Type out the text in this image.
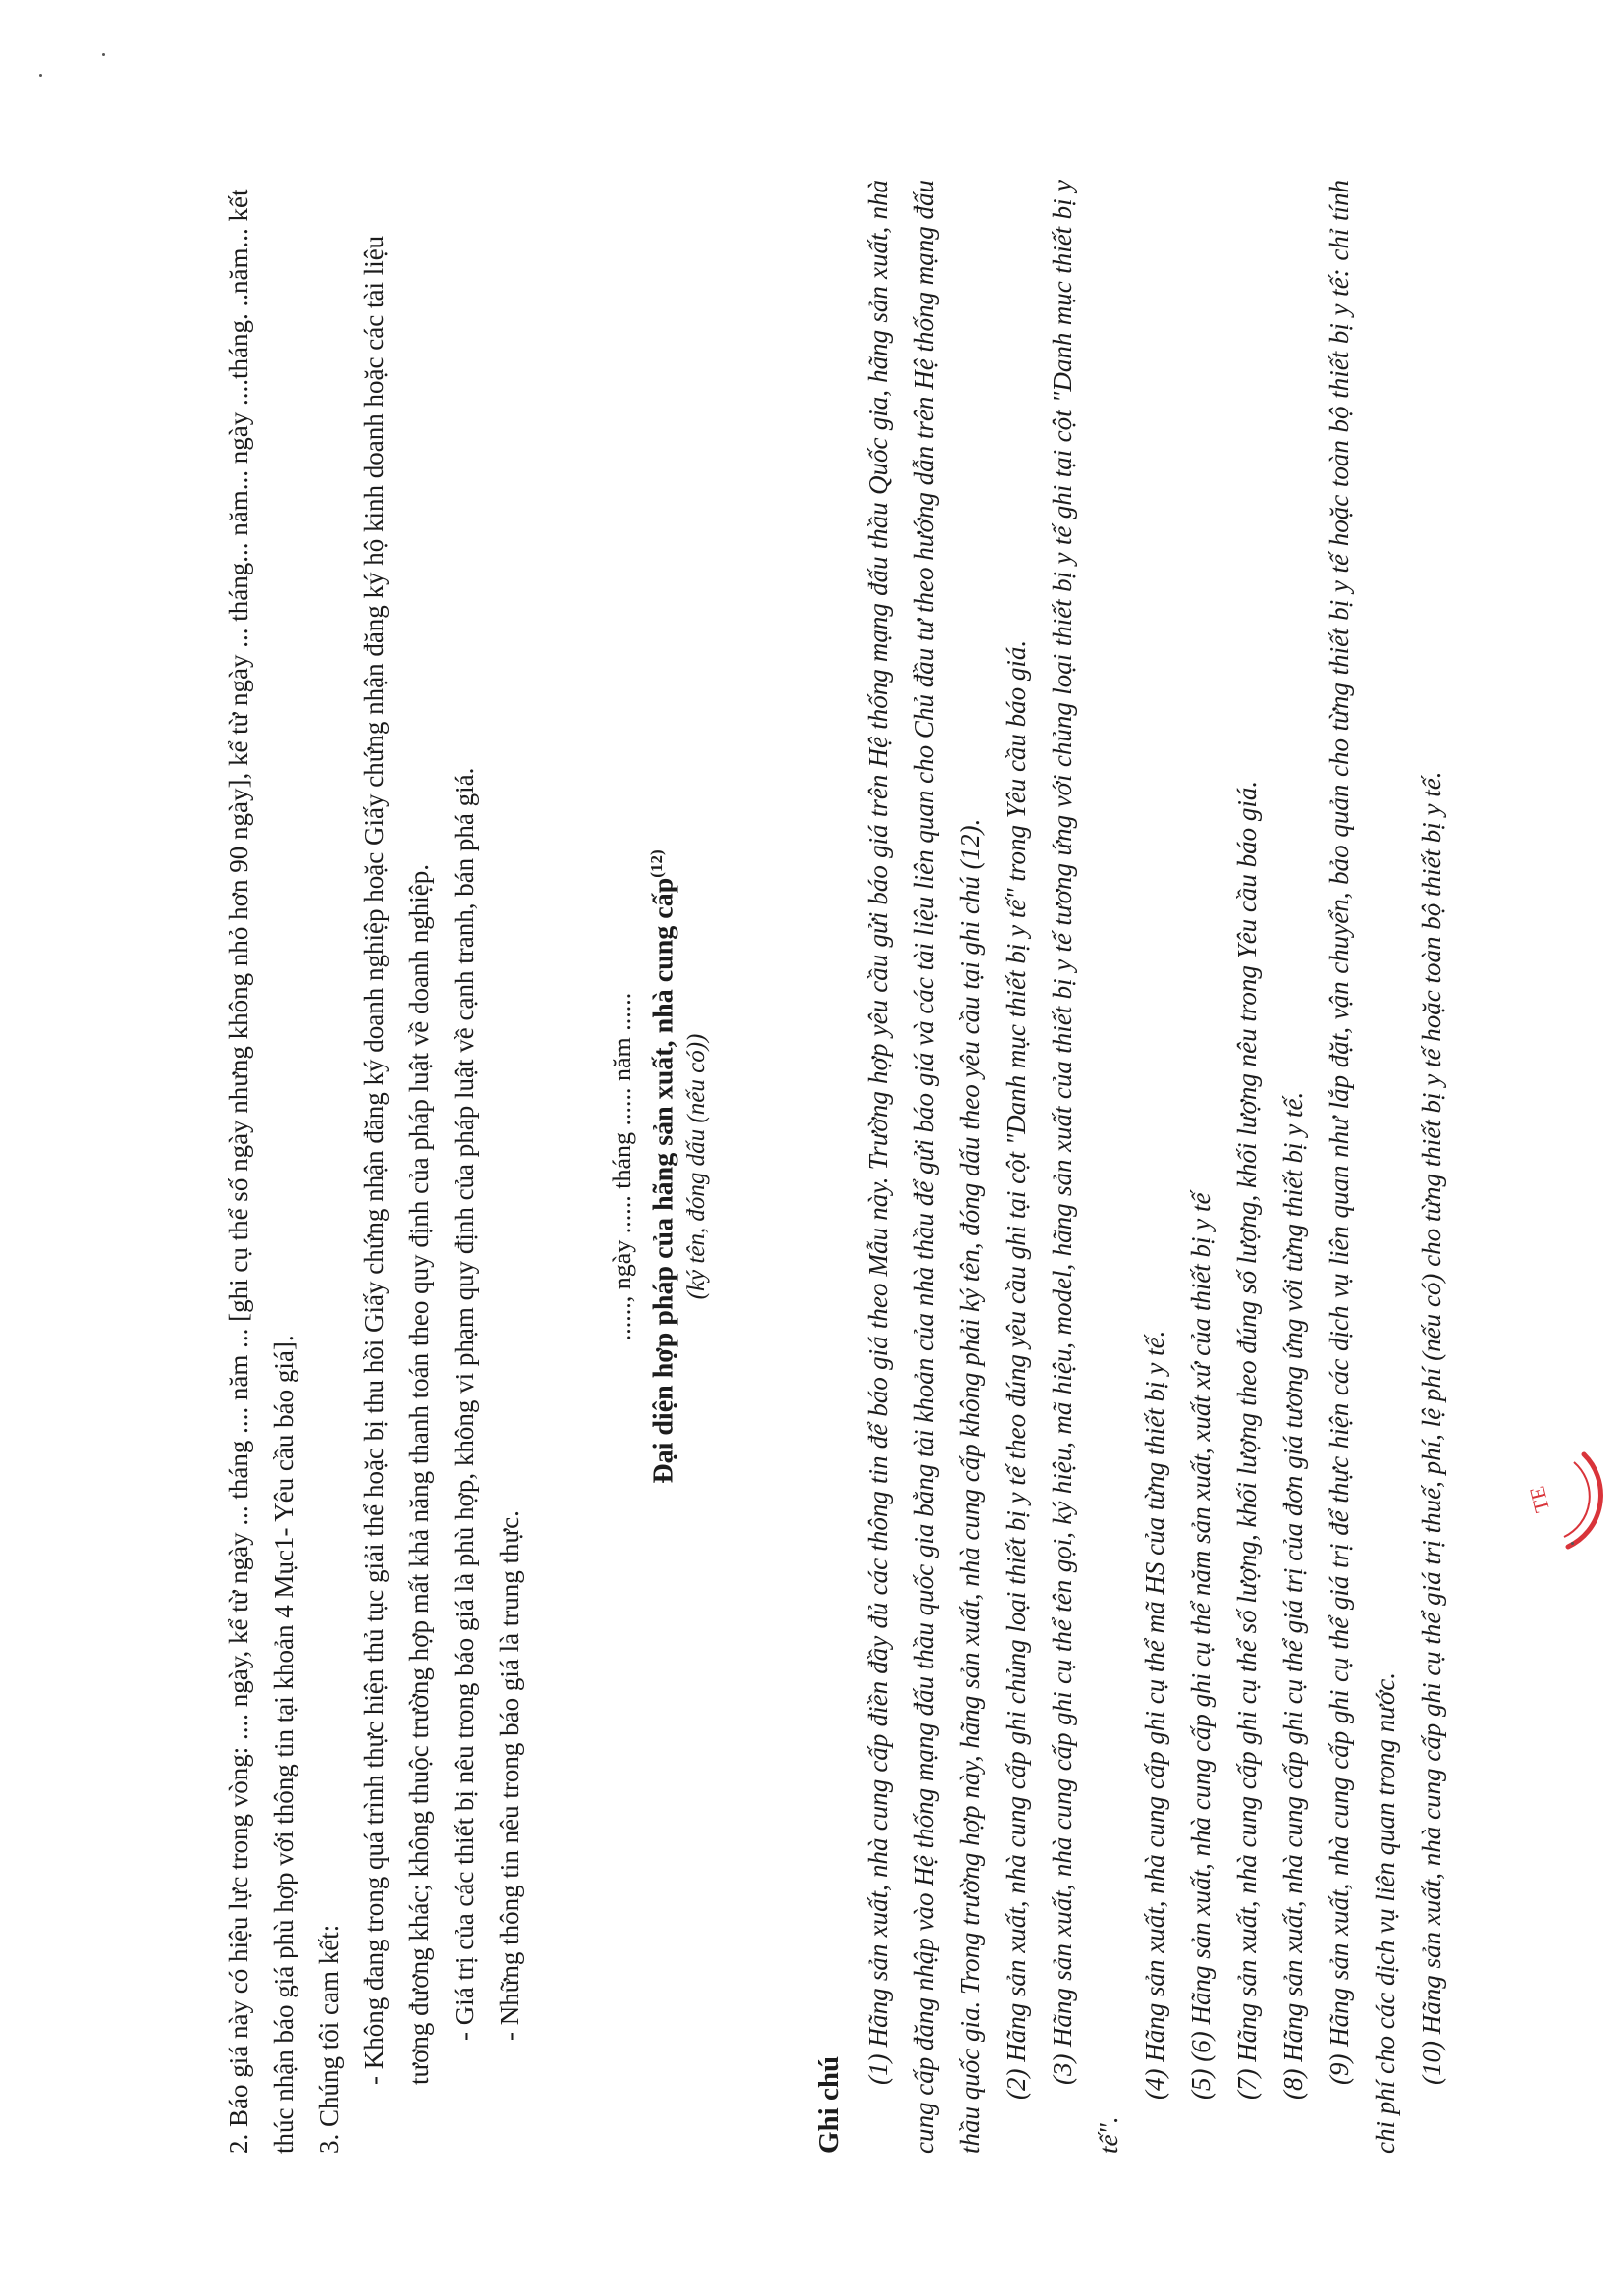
2. Báo giá này có hiệu lực trong vòng: .... ngày, kể từ ngày ... tháng .... năm ... [ghi cụ thể số ngày nhưng không nhỏ hơn 90 ngày], kể từ ngày ... tháng... năm... ngày ....tháng. ..năm... kết thúc nhận báo giá phù hợp với thông tin tại khoản 4 Mục1- Yêu cầu báo giá]. 3. Chúng tôi cam kết: - Không đang trong quá trình thực hiện thủ tục giải thể hoặc bị thu hồi Giấy chứng nhận đăng ký doanh nghiệp hoặc Giấy chứng nhận đăng ký hộ kinh doanh hoặc các tài liệu tương đương khác; không thuộc trường hợp mất khả năng thanh toán theo quy định của pháp luật về doanh nghiệp. - Giá trị của các thiết bị nêu trong báo giá là phù hợp, không vi phạm quy định của pháp luật về cạnh tranh, bán phá giá. - Những thông tin nêu trong báo giá là trung thực.

......, ngày ...... tháng ...... năm ...... Đại diện hợp pháp của hãng sản xuất, nhà cung cấp$^{(12)}$
(ký tên, đóng dấu (nếu có))
Ghi chú

(1) Hãng sản xuất, nhà cung cấp điền đầy đủ các thông tin để báo giá theo Mẫu này. Trường hợp yêu cầu gửi báo giá trên Hệ thống mạng đấu thầu Quốc gia, hãng sản xuất, nhà cung cấp đăng nhập vào Hệ thống mạng đấu thầu quốc gia bằng tài khoản của nhà thầu để gửi báo giá và các tài liệu liên quan cho Chủ đầu tư theo hướng dẫn trên Hệ thống mạng đấu thầu quốc gia. Trong trường hợp này, hãng sản xuất, nhà cung cấp không phải ký tên, đóng dấu theo yêu cầu tại ghi chú (12). (2) Hãng sản xuất, nhà cung cấp ghi chủng loại thiết bị y tế theo đúng yêu cầu ghi tại cột "Danh mục thiết bị y tế" trong Yêu cầu báo giá. (3) Hãng sản xuất, nhà cung cấp ghi cụ thể tên gọi, ký hiệu, mã hiệu, model, hãng sản xuất của thiết bị y tế tương ứng với chủng loại thiết bị y tế ghi tại cột "Danh mục thiết bị y tế".

(4) Hãng sản xuất, nhà cung cấp ghi cụ thể mã HS của từng thiết bị y tế. (5) (6) Hãng sản xuất, nhà cung cấp ghi cụ thể năm sản xuất, xuất xứ của thiết bị y tế (7) Hãng sản xuất, nhà cung cấp ghi cụ thể số lượng, khối lượng theo đúng số lượng, khối lượng nêu trong Yêu cầu báo giá. (8) Hãng sản xuất, nhà cung cấp ghi cụ thể giá trị của đơn giá tương ứng với từng thiết bị y tế. (9) Hãng sản xuất, nhà cung cấp ghi cụ thể giá trị để thực hiện các dịch vụ liên quan như lắp đặt, vận chuyển, bảo quản cho từng thiết bị y tế hoặc toàn bộ thiết bị y tế: chỉ tính chi phí cho các dịch vụ liên quan trong nước. (10) Hãng sản xuất, nhà cung cấp ghi cụ thể giá trị thuế, phí, lệ phí (nếu có) cho từng thiết bị y tế hoặc toàn bộ thiết bị y tế.	TE
